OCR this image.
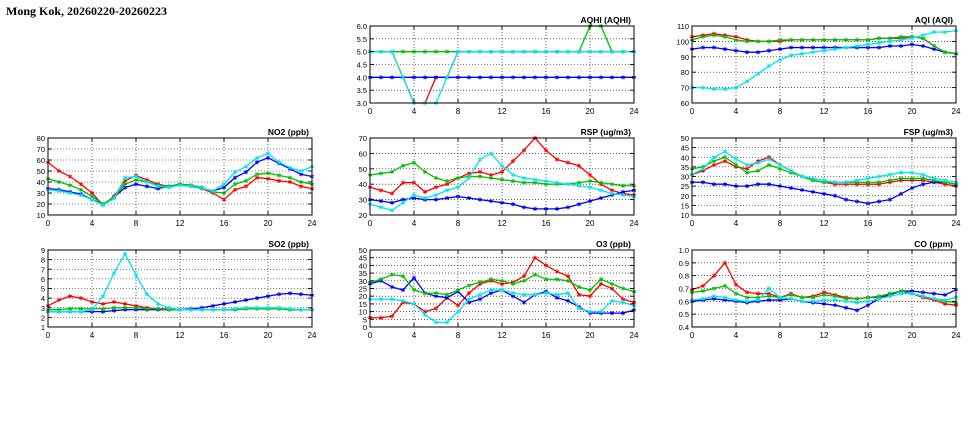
Mong Kok, 20260220-20260223
3.0
3.5
4.0
4.5
5.0
5.5
6.0
0	4	8	12	16	20	24
AQHI (AQHI)
60
70
80
90
100
110
0	4	8	12	16	20	24
AQI (AQI)
10
20
30
40
50
60
70
80
0	4	8	12	16	20	24
NO2 (ppb)
20
30
40
50
60
70
0	4	8	12	16	20	24
RSP (ug/m3)
10
15
20
25
30
35
40
45
50
0	4	8	12	16	20	24
FSP (ug/m3)
1
2
3
4
5
6
7
8
9
0	4	8	12	16	20	24
SO2 (ppb)
0
5
10
15
20
25
30
35
40
45
50
0	4	8	12	16	20	24
O3 (ppb)
0.4
0.5
0.6
0.7
0.8
0.9
1.0
0	4	8	12	16	20	24
CO (ppm)
